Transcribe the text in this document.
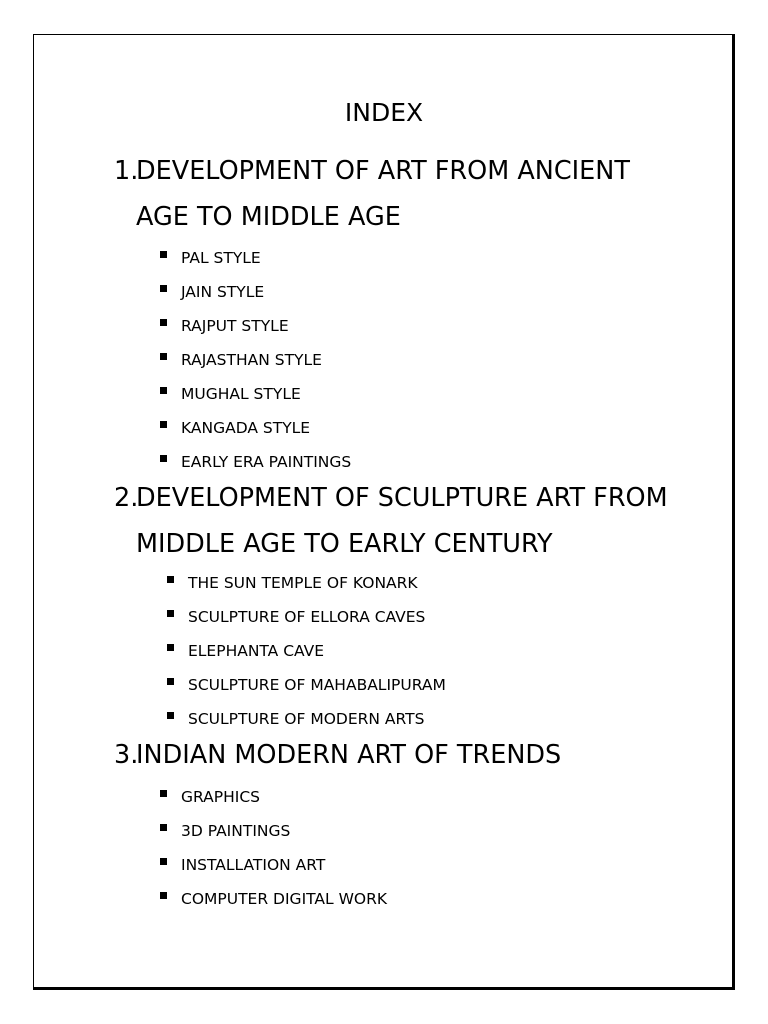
INDEX
1.DEVELOPMENT OF ART FROM ANCIENT
AGE TO MIDDLE AGE
PAL STYLE
JAIN STYLE
RAJPUT STYLE
RAJASTHAN STYLE
MUGHAL STYLE
KANGADA STYLE
EARLY ERA PAINTINGS
2.DEVELOPMENT OF SCULPTURE ART FROM
MIDDLE AGE TO EARLY CENTURY
THE SUN TEMPLE OF KONARK
SCULPTURE OF ELLORA CAVES
ELEPHANTA CAVE
SCULPTURE OF MAHABALIPURAM
SCULPTURE OF MODERN ARTS
3.INDIAN MODERN ART OF TRENDS
GRAPHICS
3D PAINTINGS
INSTALLATION ART
COMPUTER DIGITAL WORK
